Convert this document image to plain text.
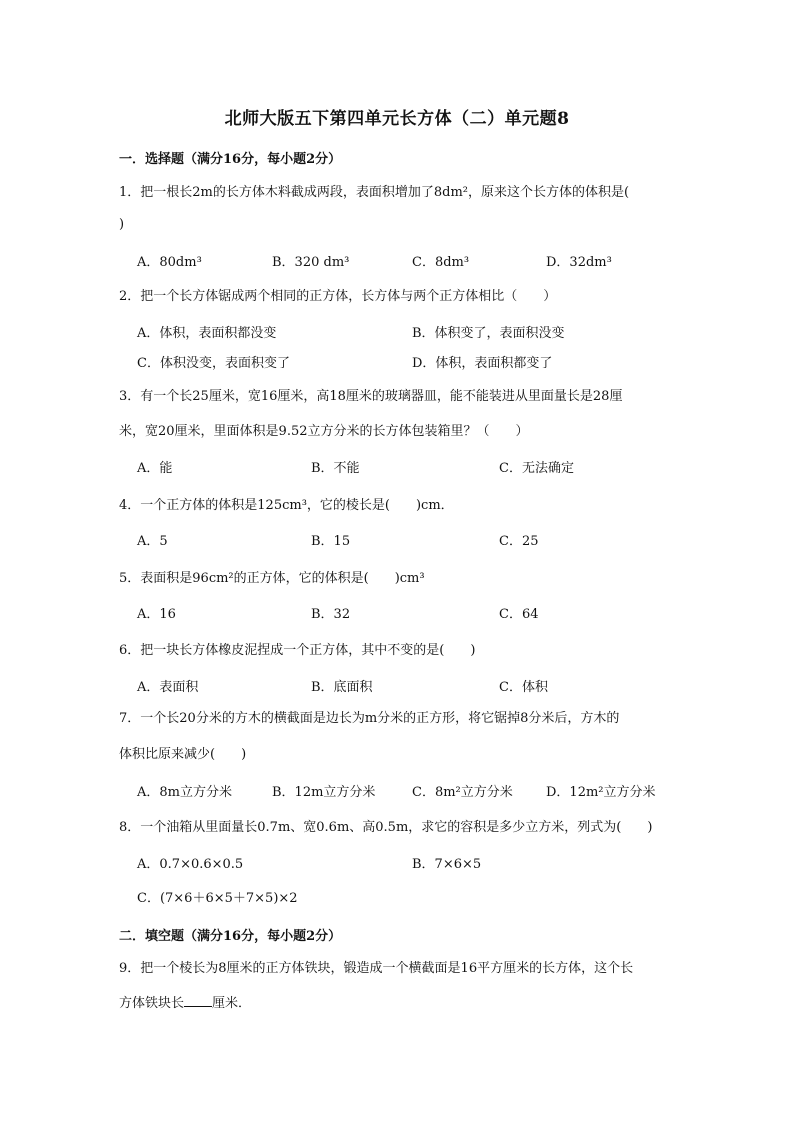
北师大版五下第四单元长方体（二）单元题8
一．选择题（满分16分，每小题2分）
1．把一根长2m的长方体木料截成两段，表面积增加了8dm²，原来这个长方体的体积是(
)
A．80dm³	B．320 dm³	C．8dm³	D．32dm³
2．把一个长方体锯成两个相同的正方体，长方体与两个正方体相比（　　）
A．体积，表面积都没变	B．体积变了，表面积没变
C．体积没变，表面积变了	D．体积，表面积都变了
3．有一个长25厘米，宽16厘米，高18厘米的玻璃器皿，能不能装进从里面量长是28厘
米，宽20厘米，里面体积是9.52立方分米的长方体包装箱里？（　　）
A．能	B．不能	C．无法确定
4．一个正方体的体积是125cm³，它的棱长是(　　)cm．
A．5	B．15	C．25
5．表面积是96cm²的正方体，它的体积是(　　)cm³
A．16	B．32	C．64
6．把一块长方体橡皮泥捏成一个正方体，其中不变的是(　　)
A．表面积	B．底面积	C．体积
7．一个长20分米的方木的横截面是边长为m分米的正方形，将它锯掉8分米后，方木的
体积比原来减少(　　)
A．8m立方分米	B．12m立方分米	C．8m²立方分米	D．12m²立方分米
8．一个油箱从里面量长0.7m、宽0.6m、高0.5m，求它的容积是多少立方米，列式为(　　)
A．0.7×0.6×0.5	B．7×6×5
C．(7×6＋6×5＋7×5)×2
二．填空题（满分16分，每小题2分）
9．把一个棱长为8厘米的正方体铁块，锻造成一个横截面是16平方厘米的长方体，这个长
方体铁块长 厘米．
